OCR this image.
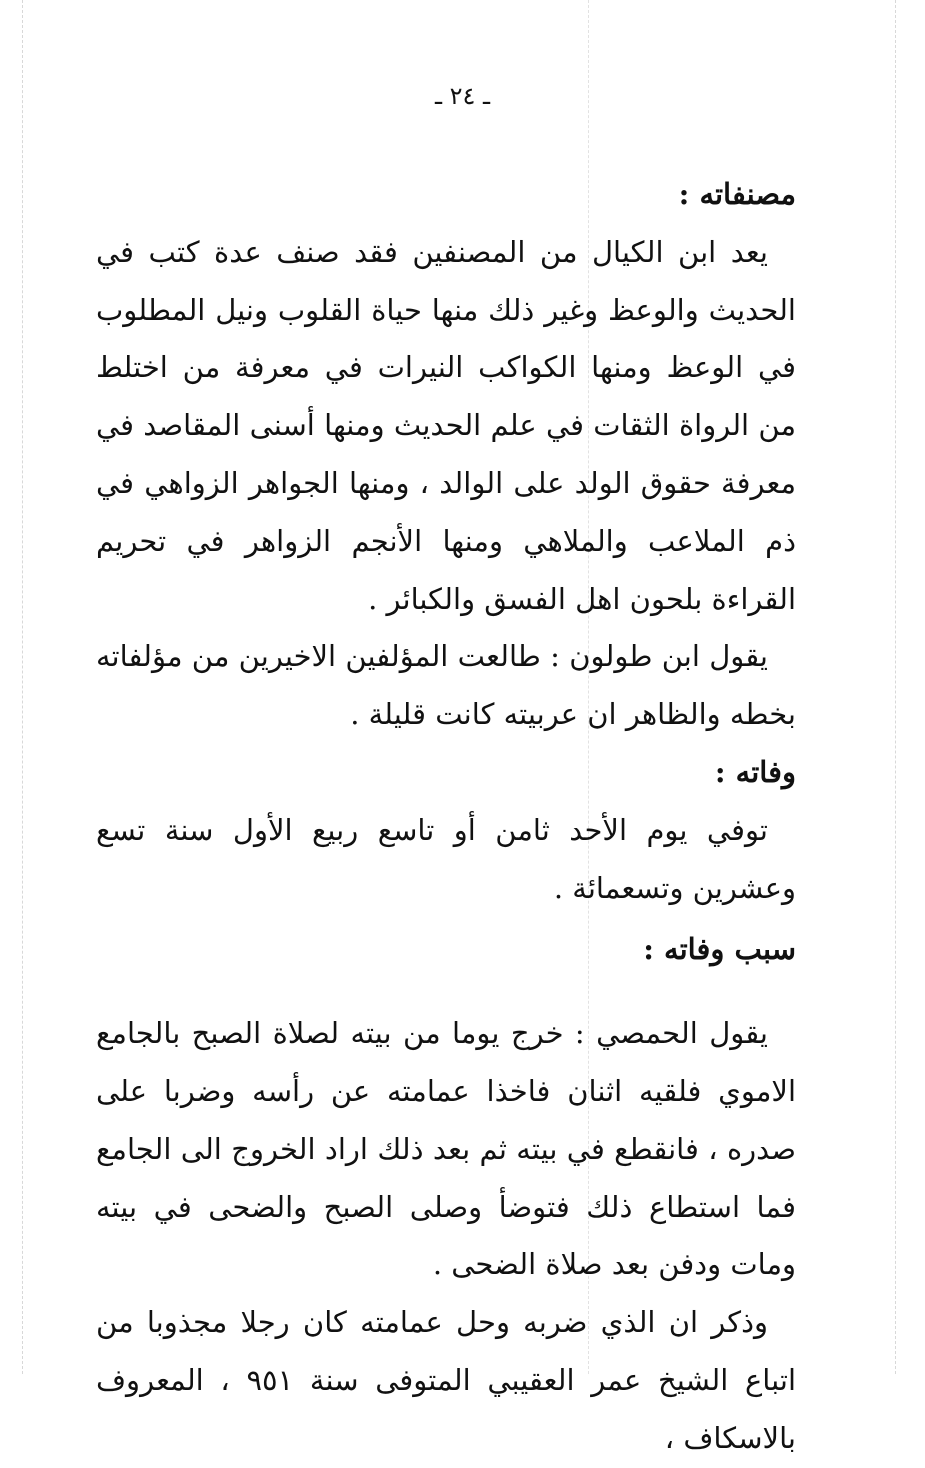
ـ ٢٤ ـ

مصنفاته :

يعد ابن الكيال من المصنفين فقد صنف عدة كتب في الحديث والوعظ وغير ذلك منها حياة القلوب ونيل المطلوب في الوعظ ومنها الكواكب النيرات في معرفة من اختلط من الرواة الثقات في علم الحديث ومنها أسنى المقاصد في معرفة حقوق الولد على الوالد ، ومنها الجواهر الزواهي في ذم الملاعب والملاهي ومنها الأنجم الزواهر في تحريم القراءة بلحون اهل الفسق والكبائر .

يقول ابن طولون : طالعت المؤلفين الاخيرين من مؤلفاته بخطه والظاهر ان عربيته كانت قليلة .

وفاته :

توفي يوم الأحد ثامن أو تاسع ربيع الأول سنة تسع وعشرين وتسعمائة .

سبب وفاته :

يقول الحمصي : خرج يوما من بيته لصلاة الصبح بالجامع الاموي فلقيه اثنان فاخذا عمامته عن رأسه وضربا على صدره ، فانقطع في بيته ثم بعد ذلك اراد الخروج الى الجامع فما استطاع ذلك فتوضأ وصلى الصبح والضحى في بيته ومات ودفن بعد صلاة الضحى .

وذكر ان الذي ضربه وحل عمامته كان رجلا مجذوبا من اتباع الشيخ عمر العقيبي المتوفى سنة ٩٥١ ، المعروف بالاسكاف ،
